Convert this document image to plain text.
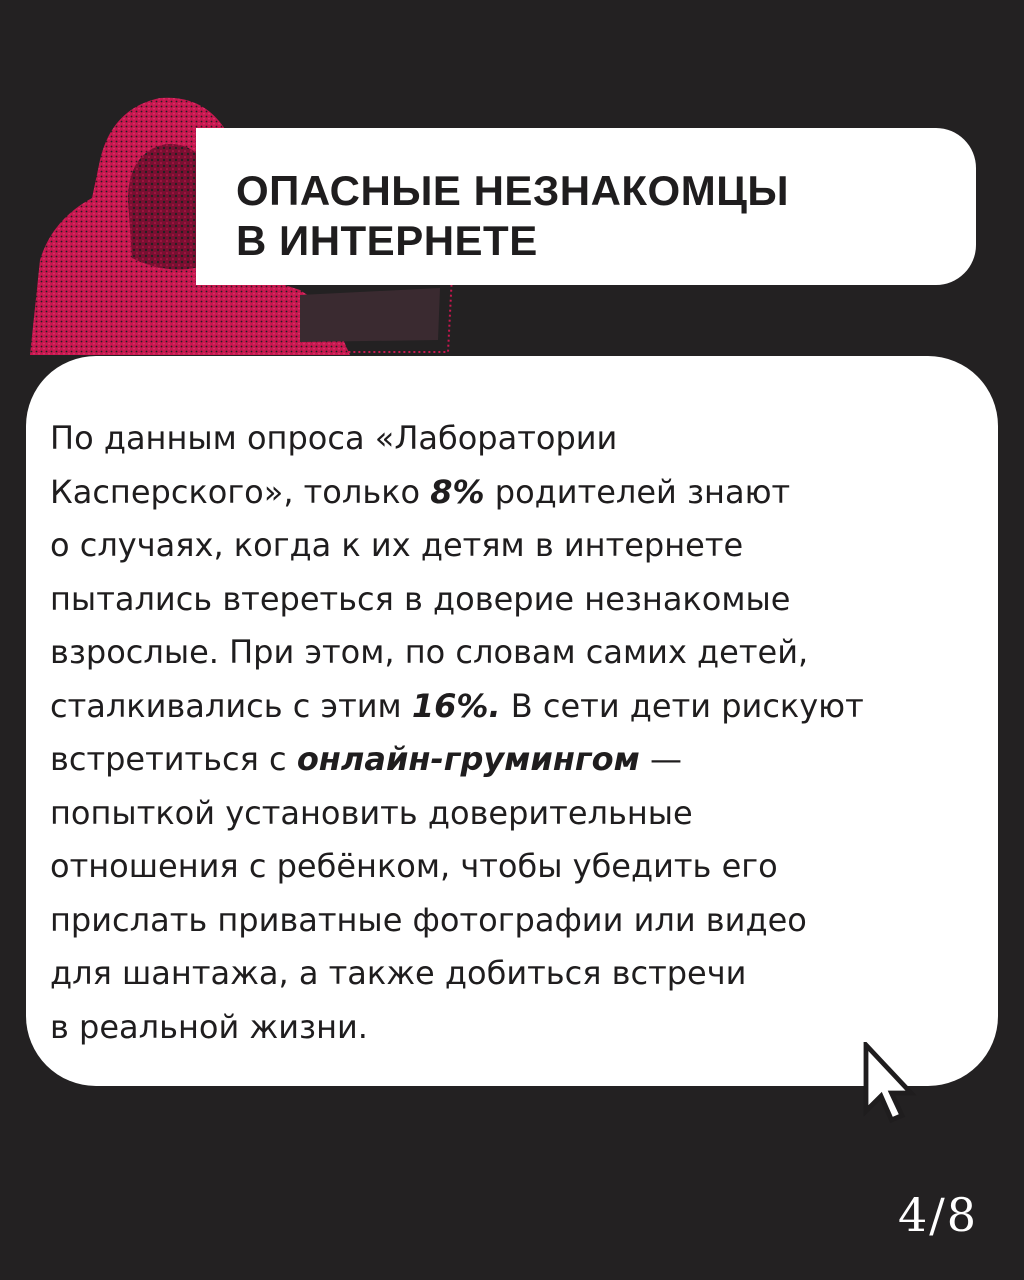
ОПАСНЫЕ НЕЗНАКОМЦЫ
В ИНТЕРНЕТЕ

По данным опроса «Лаборатории
Касперского», только 8% родителей знают
о случаях, когда к их детям в интернете
пытались втереться в доверие незнакомые
взрослые. При этом, по словам самих детей,
сталкивались с этим 16%. В сети дети рискуют
встретиться с онлайн-грумингом —
попыткой установить доверительные
отношения с ребёнком, чтобы убедить его
прислать приватные фотографии или видео
для шантажа, а также добиться встречи
в реальной жизни.

4/8
